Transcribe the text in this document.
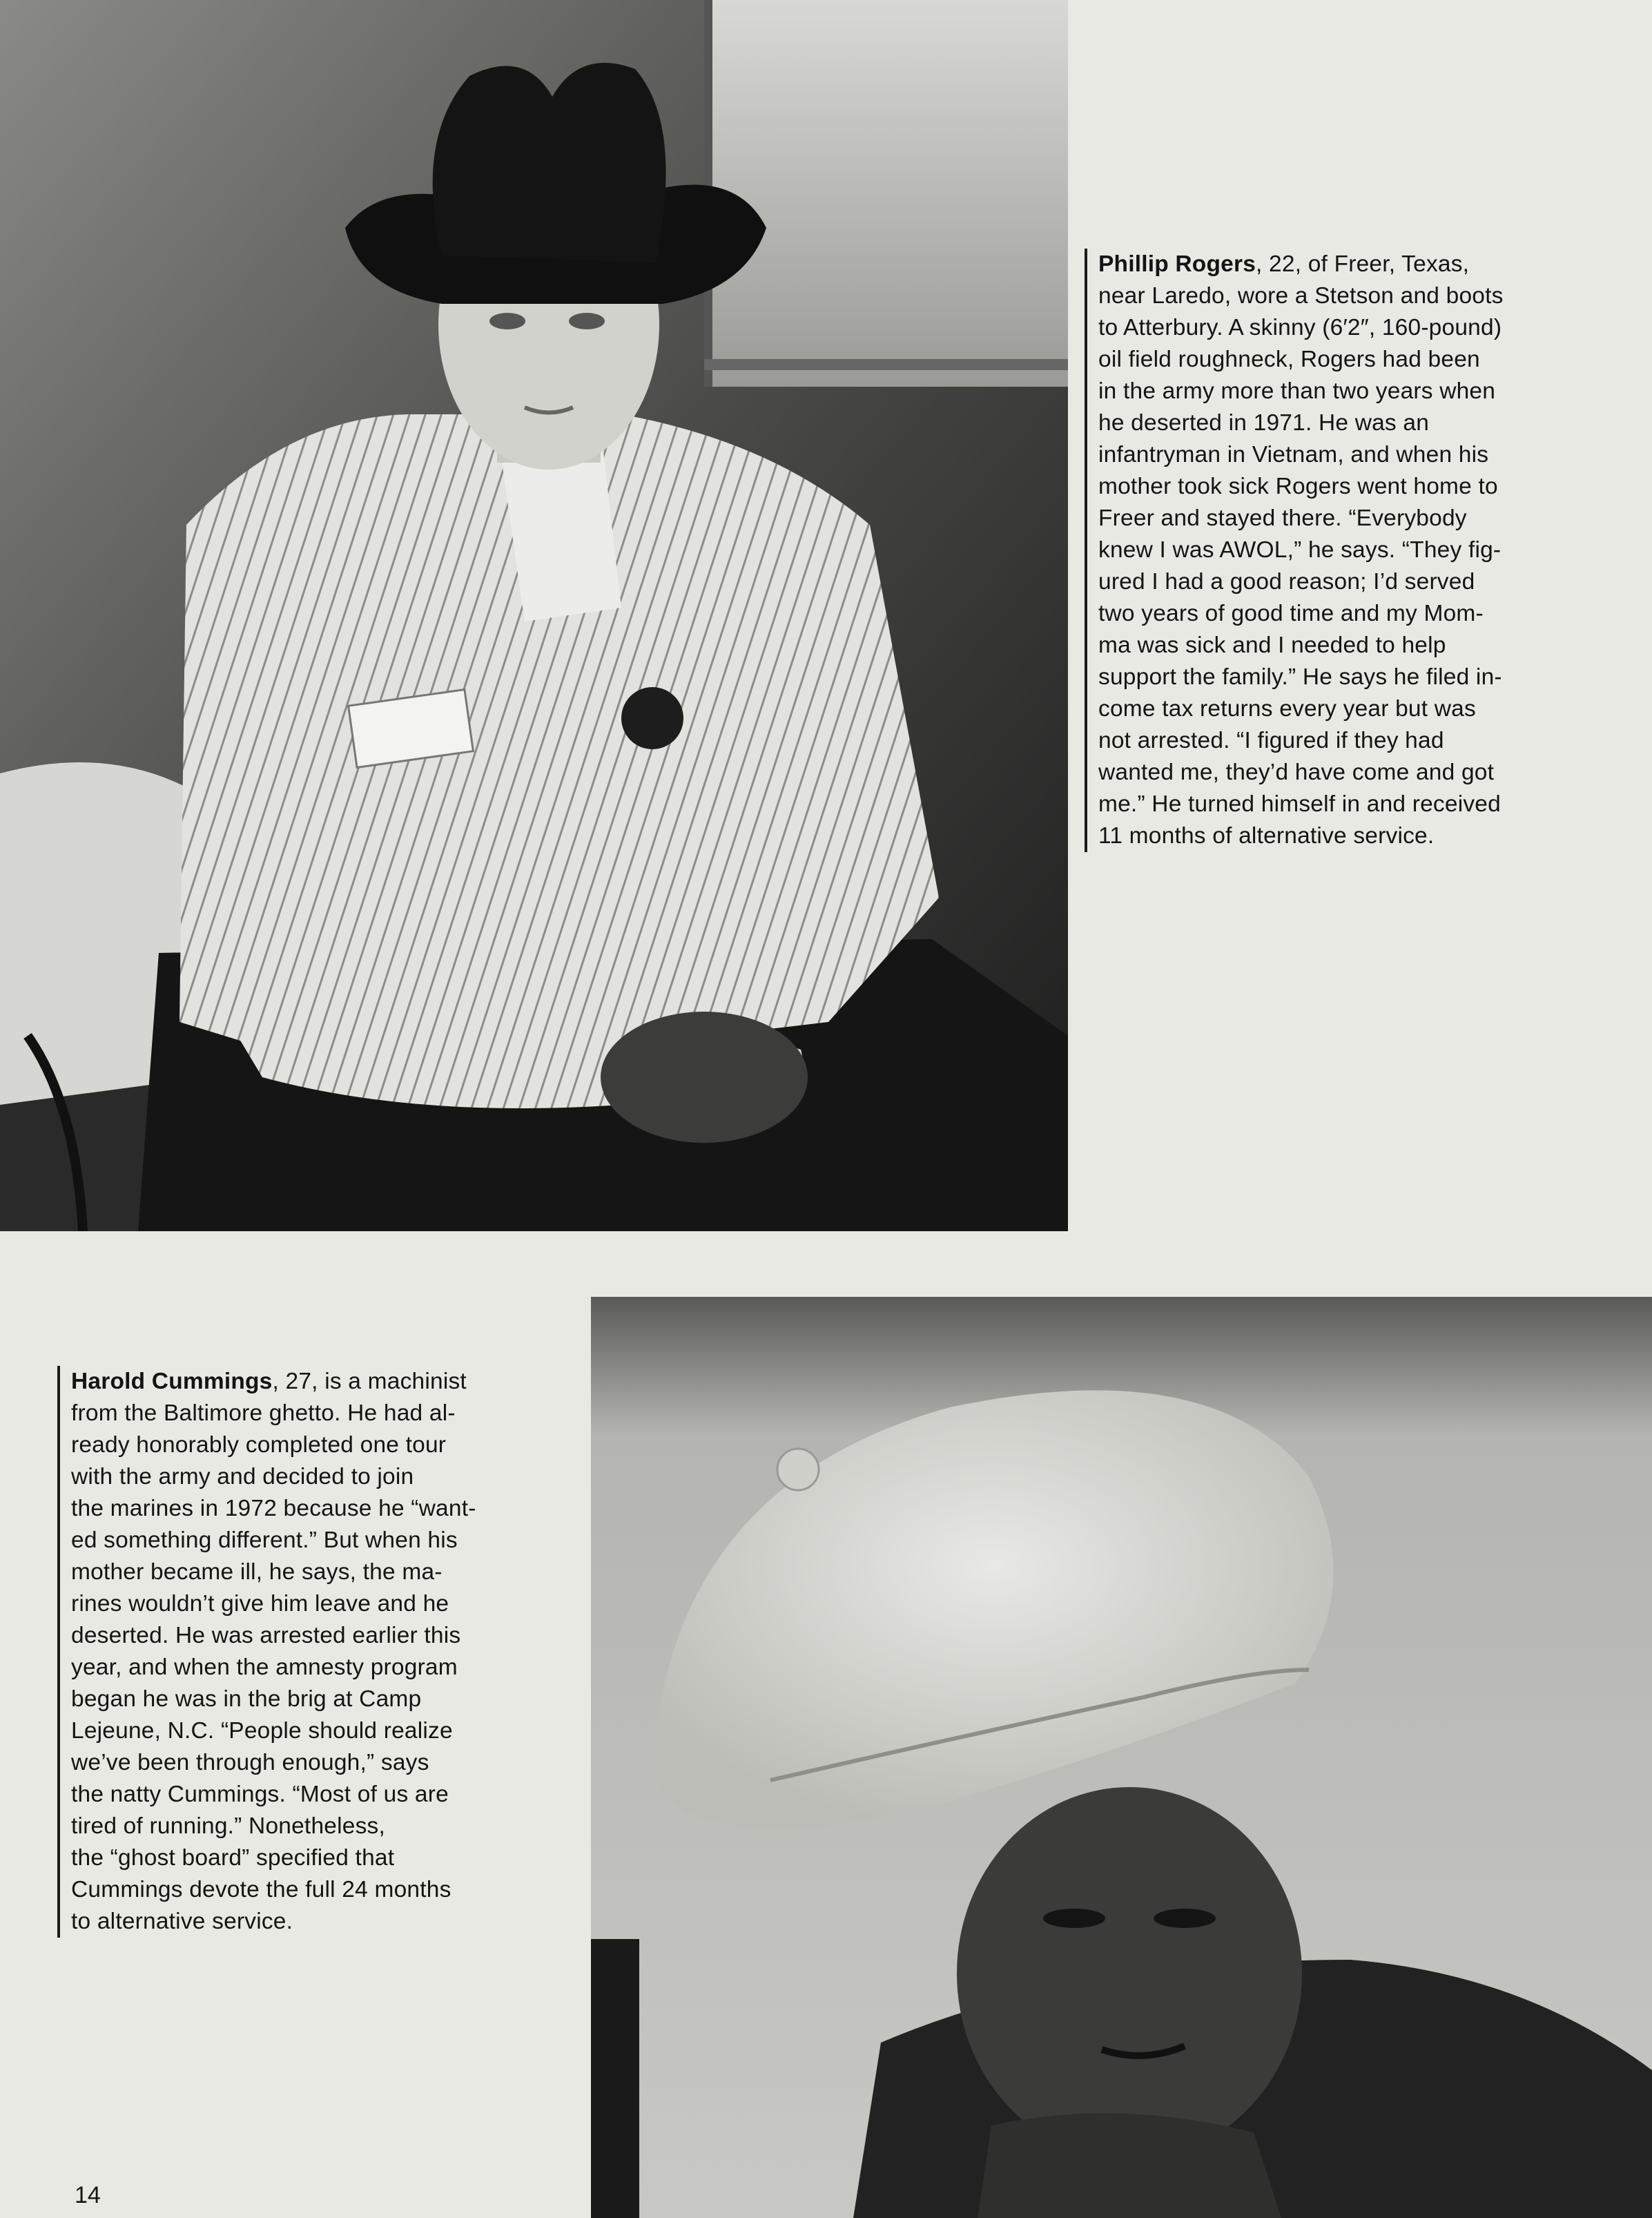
Phillip Rogers, 22, of Freer, Texas,
near Laredo, wore a Stetson and boots
to Atterbury. A skinny (6′2″, 160-pound)
oil field roughneck, Rogers had been
in the army more than two years when
he deserted in 1971. He was an
infantryman in Vietnam, and when his
mother took sick Rogers went home to
Freer and stayed there. “Everybody
knew I was AWOL,” he says. “They fig-
ured I had a good reason; I’d served
two years of good time and my Mom-
ma was sick and I needed to help
support the family.” He says he filed in-
come tax returns every year but was
not arrested. “I figured if they had
wanted me, they’d have come and got
me.” He turned himself in and received
11 months of alternative service.
Harold Cummings, 27, is a machinist
from the Baltimore ghetto. He had al-
ready honorably completed one tour
with the army and decided to join
the marines in 1972 because he “want-
ed something different.” But when his
mother became ill, he says, the ma-
rines wouldn’t give him leave and he
deserted. He was arrested earlier this
year, and when the amnesty program
began he was in the brig at Camp
Lejeune, N.C. “People should realize
we’ve been through enough,” says
the natty Cummings. “Most of us are
tired of running.” Nonetheless,
the “ghost board” specified that
Cummings devote the full 24 months
to alternative service.
14
